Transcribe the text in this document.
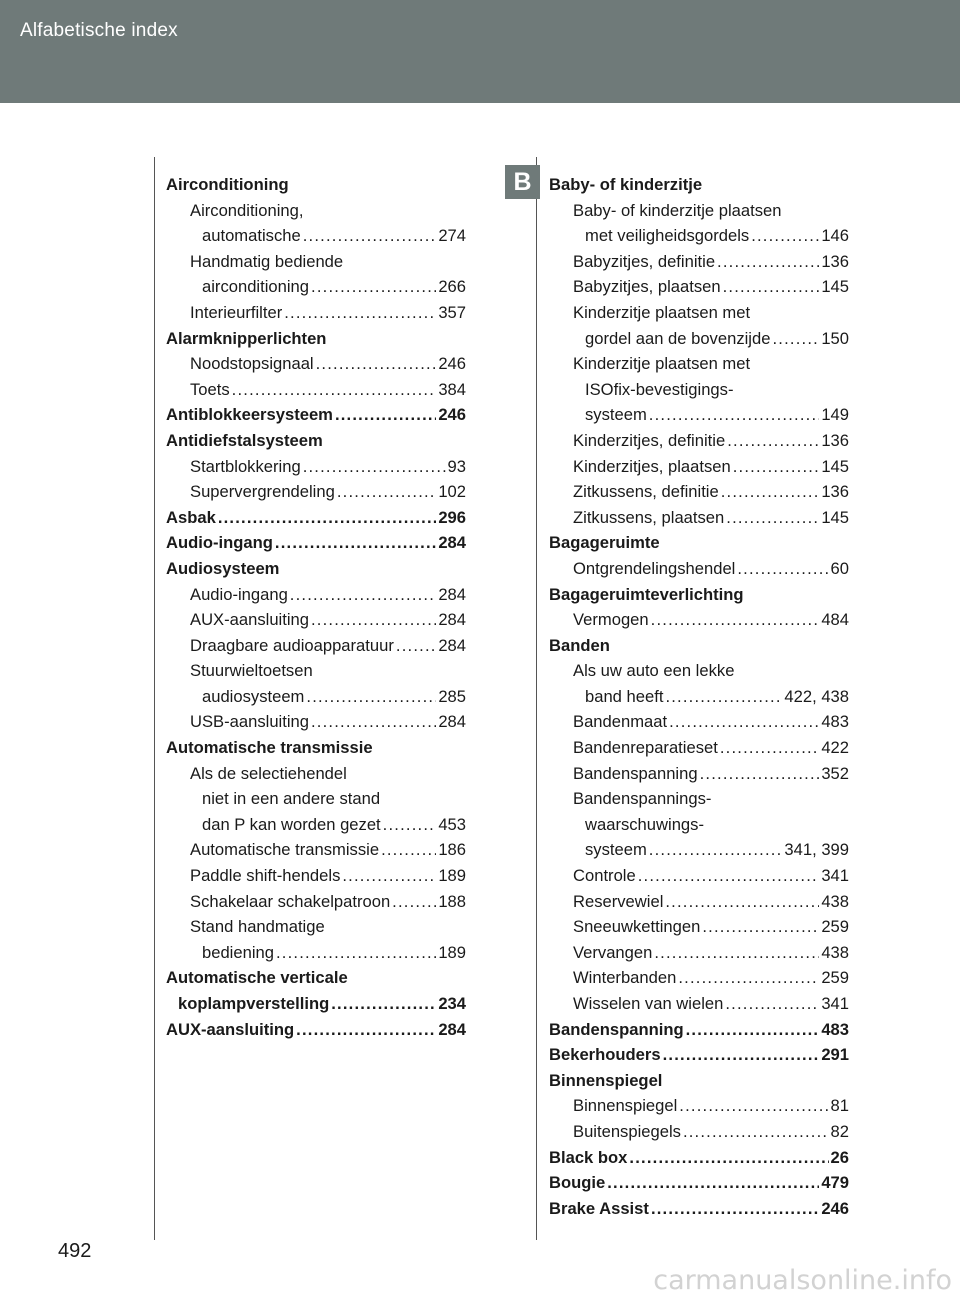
Alfabetische index
B
Airconditioning
Airconditioning,
automatische .....	274
Handmatig bediende
airconditioning .....	266
Interieurfilter .....	357
Alarmknipperlichten
Noodstopsignaal .....	246
Toets .....	384
Antiblokkeersysteem .....	246
Antidiefstalsysteem
Startblokkering .....	93
Supervergrendeling .....	102
Asbak .....	296
Audio-ingang .....	284
Audiosysteem
Audio-ingang .....	284
AUX-aansluiting .....	284
Draagbare audioapparatuur .....	284
Stuurwieltoetsen
audiosysteem .....	285
USB-aansluiting .....	284
Automatische transmissie
Als de selectiehendel
niet in een andere stand
dan P kan worden gezet .....	453
Automatische transmissie .....	186
Paddle shift-hendels .....	189
Schakelaar schakelpatroon .....	188
Stand handmatige
bediening .....	189
Automatische verticale
koplampverstelling .....	234
AUX-aansluiting .....	284
Baby- of kinderzitje
Baby- of kinderzitje plaatsen
met veiligheidsgordels .....	146
Babyzitjes, definitie .....	136
Babyzitjes, plaatsen .....	145
Kinderzitje plaatsen met
gordel aan de bovenzijde .....	150
Kinderzitje plaatsen met
ISOfix-bevestigings-
systeem .....	149
Kinderzitjes, definitie .....	136
Kinderzitjes, plaatsen .....	145
Zitkussens, definitie .....	136
Zitkussens, plaatsen .....	145
Bagageruimte
Ontgrendelingshendel .....	60
Bagageruimteverlichting
Vermogen .....	484
Banden
Als uw auto een lekke
band heeft .....	422, 438
Bandenmaat .....	483
Bandenreparatieset .....	422
Bandenspanning .....	352
Bandenspannings-
waarschuwings-
systeem .....	341, 399
Controle .....	341
Reservewiel .....	438
Sneeuwkettingen .....	259
Vervangen .....	438
Winterbanden .....	259
Wisselen van wielen .....	341
Bandenspanning .....	483
Bekerhouders .....	291
Binnenspiegel
Binnenspiegel .....	81
Buitenspiegels .....	82
Black box .....	26
Bougie .....	479
Brake Assist .....	246
492
carmanualsonline.info
